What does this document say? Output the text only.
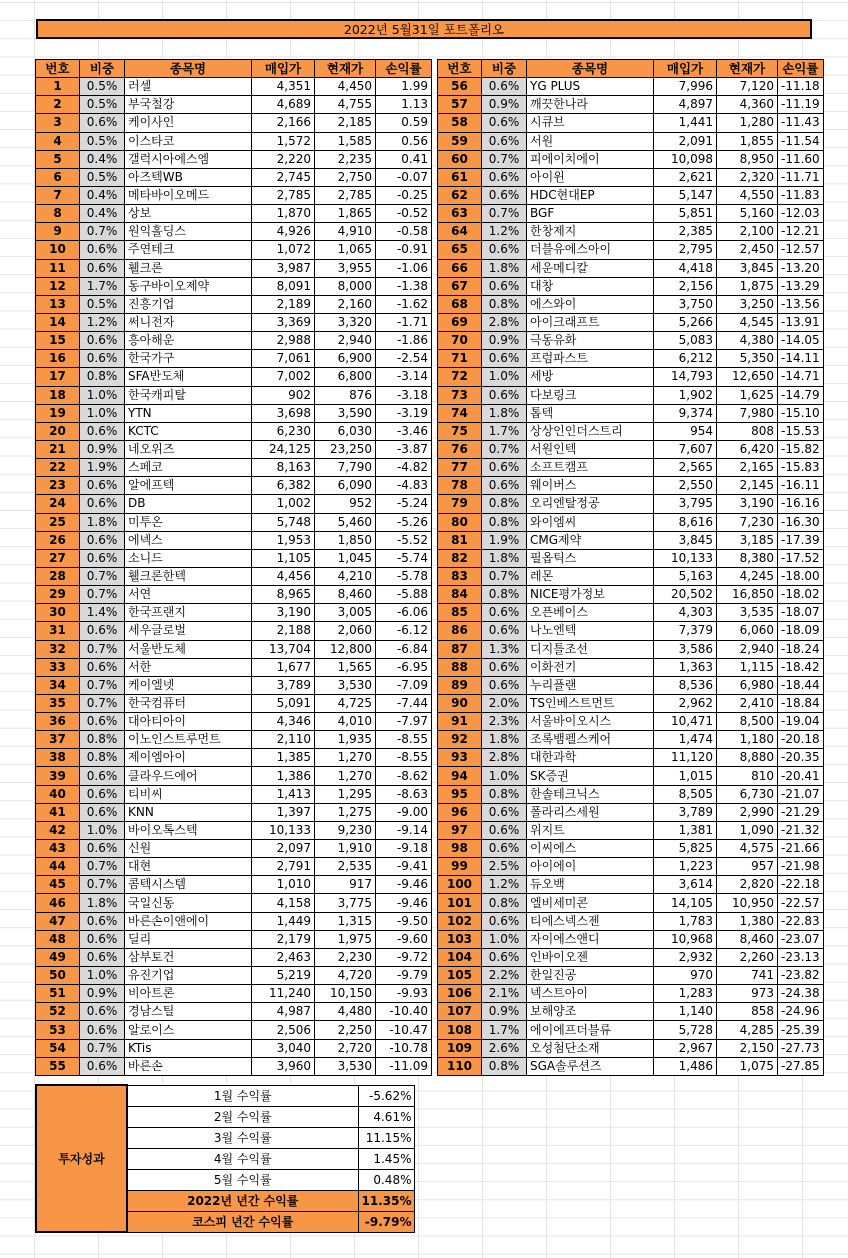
2022년 5월31일 포트폴리오
번호	비중	종목명	매입가	현재가	손익률
1	0.5%	러셀	4,351	4,450	1.99
2	0.5%	부국철강	4,689	4,755	1.13
3	0.6%	케이사인	2,166	2,185	0.59
4	0.5%	이스타코	1,572	1,585	0.56
5	0.4%	갤럭시아에스엠	2,220	2,235	0.41
6	0.5%	아즈텍WB	2,745	2,750	-0.07
7	0.4%	메타바이오메드	2,785	2,785	-0.25
8	0.4%	상보	1,870	1,865	-0.52
9	0.7%	원익홀딩스	4,926	4,910	-0.58
10	0.6%	주연테크	1,072	1,065	-0.91
11	0.6%	휄크론	3,987	3,955	-1.06
12	1.7%	동구바이오제약	8,091	8,000	-1.38
13	0.5%	진흥기업	2,189	2,160	-1.62
14	1.2%	써니전자	3,369	3,320	-1.71
15	0.6%	흥아해운	2,988	2,940	-1.86
16	0.6%	한국가구	7,061	6,900	-2.54
17	0.8%	SFA반도체	7,002	6,800	-3.14
18	1.0%	한국캐피탈	902	876	-3.18
19	1.0%	YTN	3,698	3,590	-3.19
20	0.6%	KCTC	6,230	6,030	-3.46
21	0.9%	네오위즈	24,125	23,250	-3.87
22	1.9%	스페코	8,163	7,790	-4.82
23	0.6%	알에프텍	6,382	6,090	-4.83
24	0.6%	DB	1,002	952	-5.24
25	1.8%	미투온	5,748	5,460	-5.26
26	0.6%	에넥스	1,953	1,850	-5.52
27	0.6%	소니드	1,105	1,045	-5.74
28	0.7%	휄크론한텍	4,456	4,210	-5.78
29	0.7%	서연	8,965	8,460	-5.88
30	1.4%	한국프랜지	3,190	3,005	-6.06
31	0.6%	세우글로벌	2,188	2,060	-6.12
32	0.7%	서울반도체	13,704	12,800	-6.84
33	0.6%	서한	1,677	1,565	-6.95
34	0.7%	케이엘넷	3,789	3,530	-7.09
35	0.7%	한국컴퓨터	5,091	4,725	-7.44
36	0.6%	대아티아이	4,346	4,010	-7.97
37	0.8%	이노인스트루먼트	2,110	1,935	-8.55
38	0.8%	제이엠아이	1,385	1,270	-8.55
39	0.6%	클라우드에어	1,386	1,270	-8.62
40	0.6%	티비씨	1,413	1,295	-8.63
41	0.6%	KNN	1,397	1,275	-9.00
42	1.0%	바이오톡스텍	10,133	9,230	-9.14
43	0.6%	신원	2,097	1,910	-9.18
44	0.7%	대현	2,791	2,535	-9.41
45	0.7%	콤텍시스템	1,010	917	-9.46
46	1.8%	국일신동	4,158	3,775	-9.46
47	0.6%	바른손이앤에이	1,449	1,315	-9.50
48	0.6%	딜리	2,179	1,975	-9.60
49	0.6%	삼부토건	2,463	2,230	-9.72
50	1.0%	유진기업	5,219	4,720	-9.79
51	0.9%	비아트론	11,240	10,150	-9.93
52	0.6%	경남스틸	4,987	4,480	-10.40
53	0.6%	알로이스	2,506	2,250	-10.47
54	0.7%	KTis	3,040	2,720	-10.78
55	0.6%	바른손	3,960	3,530	-11.09
번호	비중	종목명	매입가	현재가	손익률
56	0.6%	YG PLUS	7,996	7,120	-11.18
57	0.9%	깨끗한나라	4,897	4,360	-11.19
58	0.6%	시큐브	1,441	1,280	-11.43
59	0.6%	서원	2,091	1,855	-11.54
60	0.7%	피에이치에이	10,098	8,950	-11.60
61	0.6%	아이윈	2,621	2,320	-11.71
62	0.6%	HDC현대EP	5,147	4,550	-11.83
63	0.7%	BGF	5,851	5,160	-12.03
64	1.2%	한창제지	2,385	2,100	-12.21
65	0.6%	더블유에스아이	2,795	2,450	-12.57
66	1.8%	세운메디칼	4,418	3,845	-13.20
67	0.6%	대창	2,156	1,875	-13.29
68	0.8%	에스와이	3,750	3,250	-13.56
69	2.8%	아이크래프트	5,266	4,545	-13.91
70	0.9%	극동유화	5,083	4,380	-14.05
71	0.6%	프럼파스트	6,212	5,350	-14.11
72	1.0%	세방	14,793	12,650	-14.71
73	0.6%	다보링크	1,902	1,625	-14.79
74	1.8%	톱텍	9,374	7,980	-15.10
75	1.7%	상상인인더스트리	954	808	-15.53
76	0.7%	서원인텍	7,607	6,420	-15.82
77	0.6%	소프트캠프	2,565	2,165	-15.83
78	0.6%	웨이버스	2,550	2,145	-16.11
79	0.8%	오리엔탈정공	3,795	3,190	-16.16
80	0.8%	와이엠씨	8,616	7,230	-16.30
81	1.9%	CMG제약	3,845	3,185	-17.39
82	1.8%	필옵틱스	10,133	8,380	-17.52
83	0.7%	레몬	5,163	4,245	-18.00
84	0.8%	NICE평가정보	20,502	16,850	-18.02
85	0.6%	오픈베이스	4,303	3,535	-18.07
86	0.6%	나노엔텍	7,379	6,060	-18.09
87	1.3%	디지틀조선	3,586	2,940	-18.24
88	0.6%	이화전기	1,363	1,115	-18.42
89	0.6%	누리플랜	8,536	6,980	-18.44
90	2.0%	TS인베스트먼트	2,962	2,410	-18.84
91	2.3%	서울바이오시스	10,471	8,500	-19.04
92	1.8%	조록뱀펠스케어	1,474	1,180	-20.18
93	2.8%	대한과학	11,120	8,880	-20.35
94	1.0%	SK증권	1,015	810	-20.41
95	0.8%	한솔테크닉스	8,505	6,730	-21.07
96	0.6%	폴라리스세원	3,789	2,990	-21.29
97	0.6%	위지트	1,381	1,090	-21.32
98	0.6%	이씨에스	5,825	4,575	-21.66
99	2.5%	아이에이	1,223	957	-21.98
100	1.2%	듀오백	3,614	2,820	-22.18
101	0.8%	엘비세미콘	14,105	10,950	-22.57
102	0.6%	티에스넥스젠	1,783	1,380	-22.83
103	1.0%	자이에스앤디	10,968	8,460	-23.07
104	0.6%	인바이오젠	2,932	2,260	-23.13
105	2.2%	한일진공	970	741	-23.82
106	2.1%	넥스트아이	1,283	973	-24.38
107	0.9%	보해양조	1,140	858	-24.96
108	1.7%	에이에프더블류	5,728	4,285	-25.39
109	2.6%	오성첨단소재	2,967	2,150	-27.73
110	0.8%	SGA솔루션즈	1,486	1,075	-27.85
투자성과	1월 수익률	-5.62%
	2월 수익률	4.61%
	3월 수익률	11.15%
	4월 수익률	1.45%
	5월 수익률	0.48%
	2022년 년간 수익률	11.35%
	코스피 년간 수익률	-9.79%
